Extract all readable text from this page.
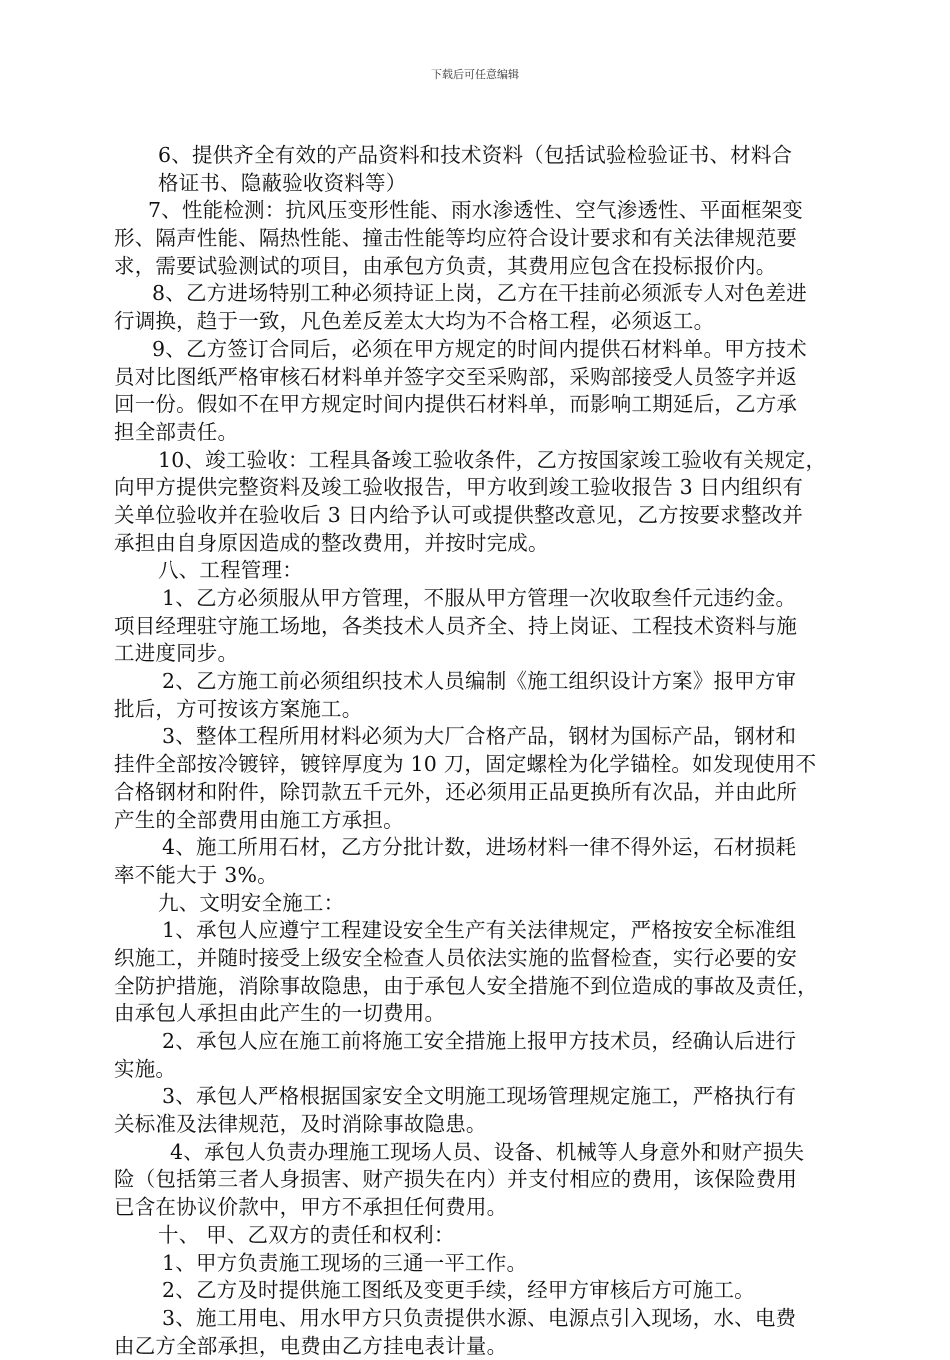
下载后可任意编辑
6、提供齐全有效的产品资料和技术资料（包括试验检验证书、材料合
格证书、隐蔽验收资料等）
7、性能检测：抗风压变形性能、雨水渗透性、空气渗透性、平面框架变
形、隔声性能、隔热性能、撞击性能等均应符合设计要求和有关法律规范要
求，需要试验测试的项目，由承包方负责，其费用应包含在投标报价内。
8、乙方进场特别工种必须持证上岗，乙方在干挂前必须派专人对色差进
行调换，趋于一致，凡色差反差太大均为不合格工程，必须返工。
9、乙方签订合同后，必须在甲方规定的时间内提供石材料单。甲方技术
员对比图纸严格审核石材料单并签字交至采购部，采购部接受人员签字并返
回一份。假如不在甲方规定时间内提供石材料单，而影响工期延后，乙方承
担全部责任。
10、竣工验收：工程具备竣工验收条件，乙方按国家竣工验收有关规定，
向甲方提供完整资料及竣工验收报告，甲方收到竣工验收报告 3 日内组织有
关单位验收并在验收后 3 日内给予认可或提供整改意见，乙方按要求整改并
承担由自身原因造成的整改费用，并按时完成。
八、工程管理：
1、乙方必须服从甲方管理，不服从甲方管理一次收取叁仟元违约金。
项目经理驻守施工场地，各类技术人员齐全、持上岗证、工程技术资料与施
工进度同步。
2、乙方施工前必须组织技术人员编制《施工组织设计方案》报甲方审
批后，方可按该方案施工。
3、整体工程所用材料必须为大厂合格产品，钢材为国标产品，钢材和
挂件全部按冷镀锌，镀锌厚度为 10 刀，固定螺栓为化学锚栓。如发现使用不
合格钢材和附件，除罚款五千元外，还必须用正品更换所有次品，并由此所
产生的全部费用由施工方承担。
4、施工所用石材，乙方分批计数，进场材料一律不得外运，石材损耗
率不能大于 3%。
九、文明安全施工：
1、承包人应遵宁工程建设安全生产有关法律规定，严格按安全标准组
织施工，并随时接受上级安全检查人员依法实施的监督检查，实行必要的安
全防护措施，消除事故隐患，由于承包人安全措施不到位造成的事故及责任，
由承包人承担由此产生的一切费用。
2、承包人应在施工前将施工安全措施上报甲方技术员，经确认后进行
实施。
3、承包人严格根据国家安全文明施工现场管理规定施工，严格执行有
关标准及法律规范，及时消除事故隐患。
4、承包人负责办理施工现场人员、设备、机械等人身意外和财产损失
险（包括第三者人身损害、财产损失在内）并支付相应的费用，该保险费用
已含在协议价款中，甲方不承担任何费用。
十、 甲、乙双方的责任和权利：
1、甲方负责施工现场的三通一平工作。
2、乙方及时提供施工图纸及变更手续，经甲方审核后方可施工。
3、施工用电、用水甲方只负责提供水源、电源点引入现场，水、电费
由乙方全部承担，电费由乙方挂电表计量。
